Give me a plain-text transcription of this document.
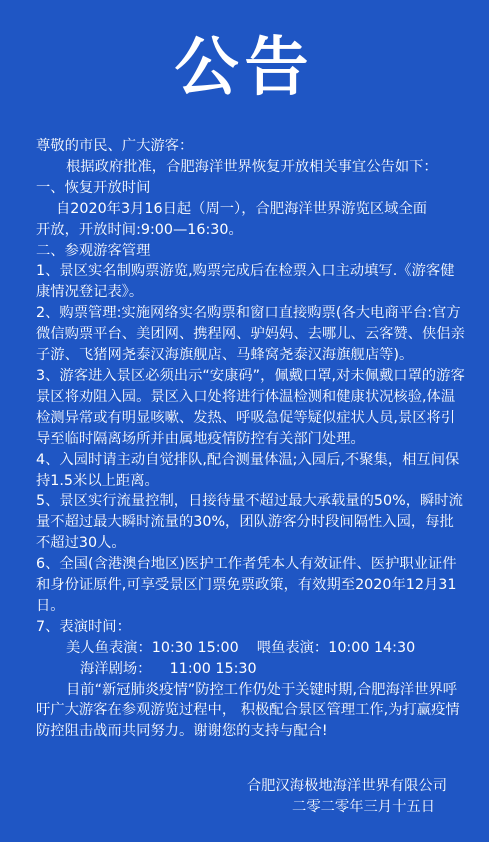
公告
尊敬的市民、广大游客：
根据政府批准，合肥海洋世界恢复开放相关事宜公告如下：
一、恢复开放时间
自2020年3月16日起（周一），合肥海洋世界游览区域全面
开放，开放时间:9:00—16:30。
二、参观游客管理
1、景区实名制购票游览,购票完成后在检票入口主动填写.《游客健康情况登记表》。
2、购票管理:实施网络实名购票和窗口直接购票(各大电商平台:官方微信购票平台、美团网、携程网、驴妈妈、去哪儿、云客赞、侠侣亲子游、飞猪网尧泰汉海旗舰店、马蜂窝尧泰汉海旗舰店等)。
3、游客进入景区必须出示“安康码”，佩戴口罩,对未佩戴口罩的游客景区将劝阻入园。景区入口处将进行体温检测和健康状况核验,体温检测异常或有明显咳嗽、发热、呼吸急促等疑似症状人员,景区将引导至临时隔离场所并由属地疫情防控有关部门处理。
4、入园时请主动自觉排队,配合测量体温;入园后,不聚集，相互间保持1.5米以上距离。
5、景区实行流量控制，日接待量不超过最大承载量的50%，瞬时流量不超过最大瞬时流量的30%，团队游客分时段间隔性入园，每批不超过30人。
6、全国(含港澳台地区)医护工作者凭本人有效证件、医护职业证件和身份证原件,可享受景区门票免票政策，有效期至2020年12月31日。
7、表演时间：
美人鱼表演：10:30 15:00 喂鱼表演：10:00 14:30
海洋剧场：    11:00 15:30
目前“新冠肺炎疫情”防控工作仍处于关键时期,合肥海洋世界呼吁广大游客在参观游览过程中， 积极配合景区管理工作,为打赢疫情防控阻击战而共同努力。谢谢您的支持与配合!
合肥汉海极地海洋世界有限公司
二零二零年三月十五日
